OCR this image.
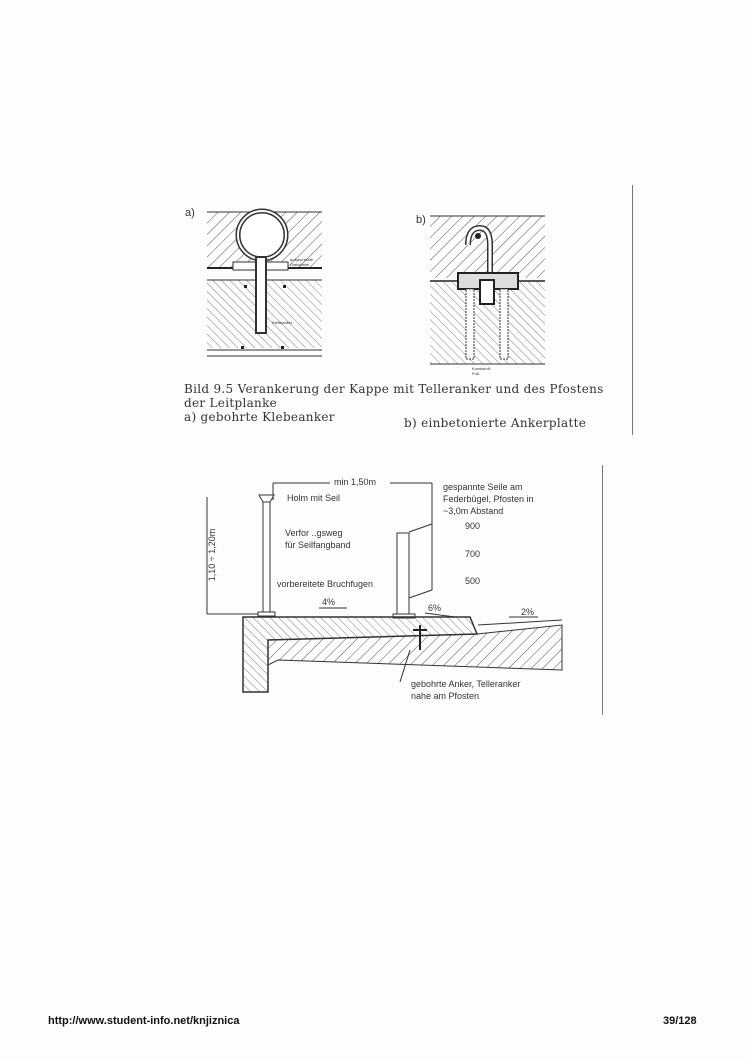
a)
b)
aufgepresste Stahlplatte
Klebeanker
Kunststoff-Fuß
Bild 9.5 Verankerung der Kappe mit Telleranker und des Pfostens
der Leitplanke
a) gebohrte Klebeanker	b) einbetonierte Ankerplatte
min 1,50m
Holm mit Seil
gespannte Seile am
Federbügel, Pfosten in
~3,0m Abstand
900
700
500
1,10 ÷ 1,20m	Verfor ..gsweg
für Seilfangband
vorbereitete Bruchfugen
4%
6%	2%
gebohrte Anker, Telleranker
nahe am Pfosten
http://www.student-info.net/knjiznica	39/128
